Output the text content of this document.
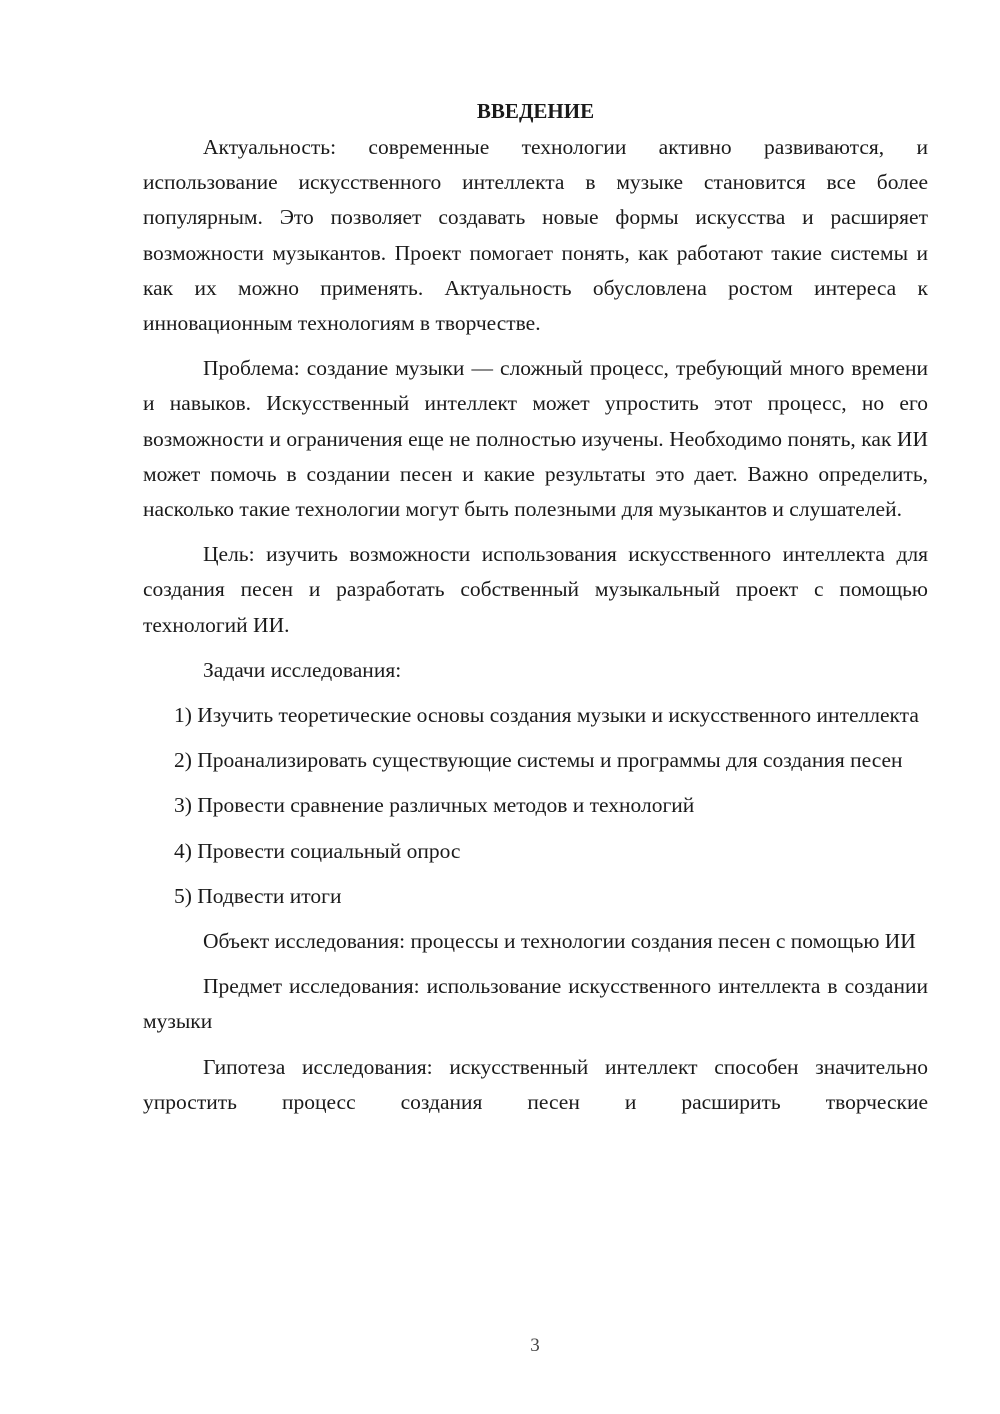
ВВЕДЕНИЕ

Актуальность: современные технологии активно развиваются, и использование искусственного интеллекта в музыке становится все более популярным. Это позволяет создавать новые формы искусства и расширяет возможности музыкантов. Проект помогает понять, как работают такие системы и как их можно применять. Актуальность обусловлена ростом интереса к инновационным технологиям в творчестве.

Проблема: создание музыки — сложный процесс, требующий много времени и навыков. Искусственный интеллект может упростить этот процесс, но его возможности и ограничения еще не полностью изучены. Необходимо понять, как ИИ может помочь в создании песен и какие результаты это дает. Важно определить, насколько такие технологии могут быть полезными для музыкантов и слушателей.

Цель: изучить возможности использования искусственного интеллекта для создания песен и разработать собственный музыкальный проект с помощью технологий ИИ.

Задачи исследования:

1) Изучить теоретические основы создания музыки и искусственного интеллекта

2) Проанализировать существующие системы и программы для создания песен

3) Провести сравнение различных методов и технологий

4) Провести социальный опрос

5) Подвести итоги

Объект исследования: процессы и технологии создания песен с помощью ИИ

Предмет исследования: использование искусственного интеллекта в создании музыки

Гипотеза исследования: искусственный интеллект способен значительно упростить процесс создания песен и расширить творческие

3
